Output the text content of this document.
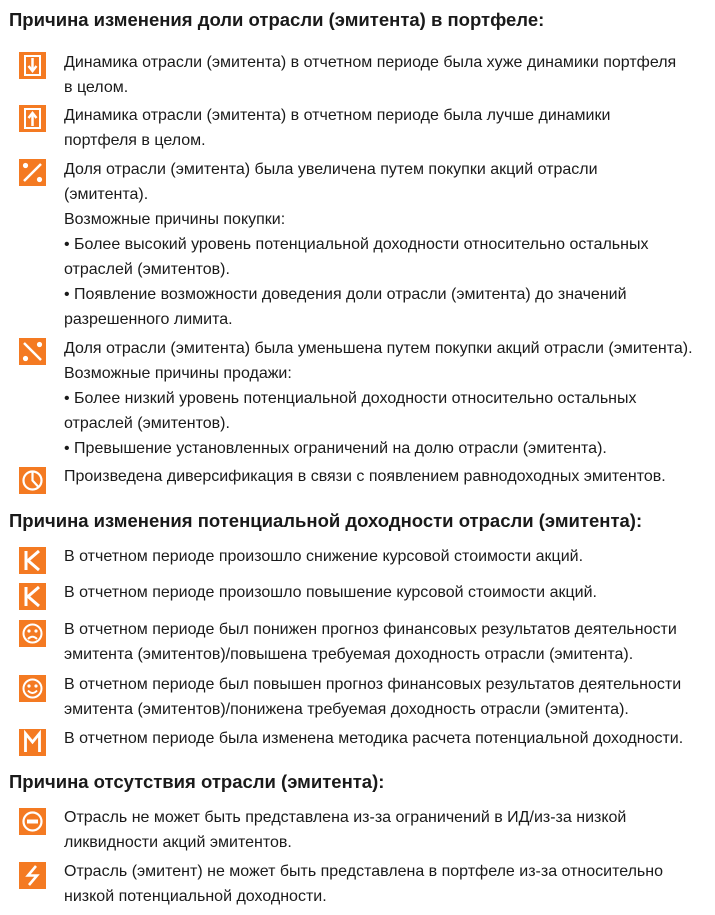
Причина изменения доли отрасли (эмитента) в портфеле:
Динамика отрасли (эмитента) в отчетном периоде была хуже динамики портфеля
в целом.
Динамика отрасли (эмитента) в отчетном периоде была лучше динамики
портфеля в целом.
Доля отрасли (эмитента) была увеличена путем покупки акций отрасли
(эмитента).
Возможные причины покупки:
• Более высокий уровень потенциальной доходности относительно остальных
отраслей (эмитентов).
• Появление возможности доведения доли отрасли (эмитента) до значений
разрешенного лимита.
Доля отрасли (эмитента) была уменьшена путем покупки акций отрасли (эмитента).
Возможные причины продажи:
• Более низкий уровень потенциальной доходности относительно остальных
отраслей (эмитентов).
• Превышение установленных ограничений на долю отрасли (эмитента).
Произведена диверсификация в связи с появлением равнодоходных эмитентов.
Причина изменения потенциальной доходности отрасли (эмитента):
В отчетном периоде произошло снижение курсовой стоимости акций.
В отчетном периоде произошло повышение курсовой стоимости акций.
В отчетном периоде был понижен прогноз финансовых результатов деятельности
эмитента (эмитентов)/повышена требуемая доходность отрасли (эмитента).
В отчетном периоде был повышен прогноз финансовых результатов деятельности
эмитента (эмитентов)/понижена требуемая доходность отрасли (эмитента).
В отчетном периоде была изменена методика расчета потенциальной доходности.
Причина отсутствия отрасли (эмитента):
Отрасль не может быть представлена из-за ограничений в ИД/из-за низкой
ликвидности акций эмитентов.
Отрасль (эмитент) не может быть представлена в портфеле из-за относительно
низкой потенциальной доходности.
